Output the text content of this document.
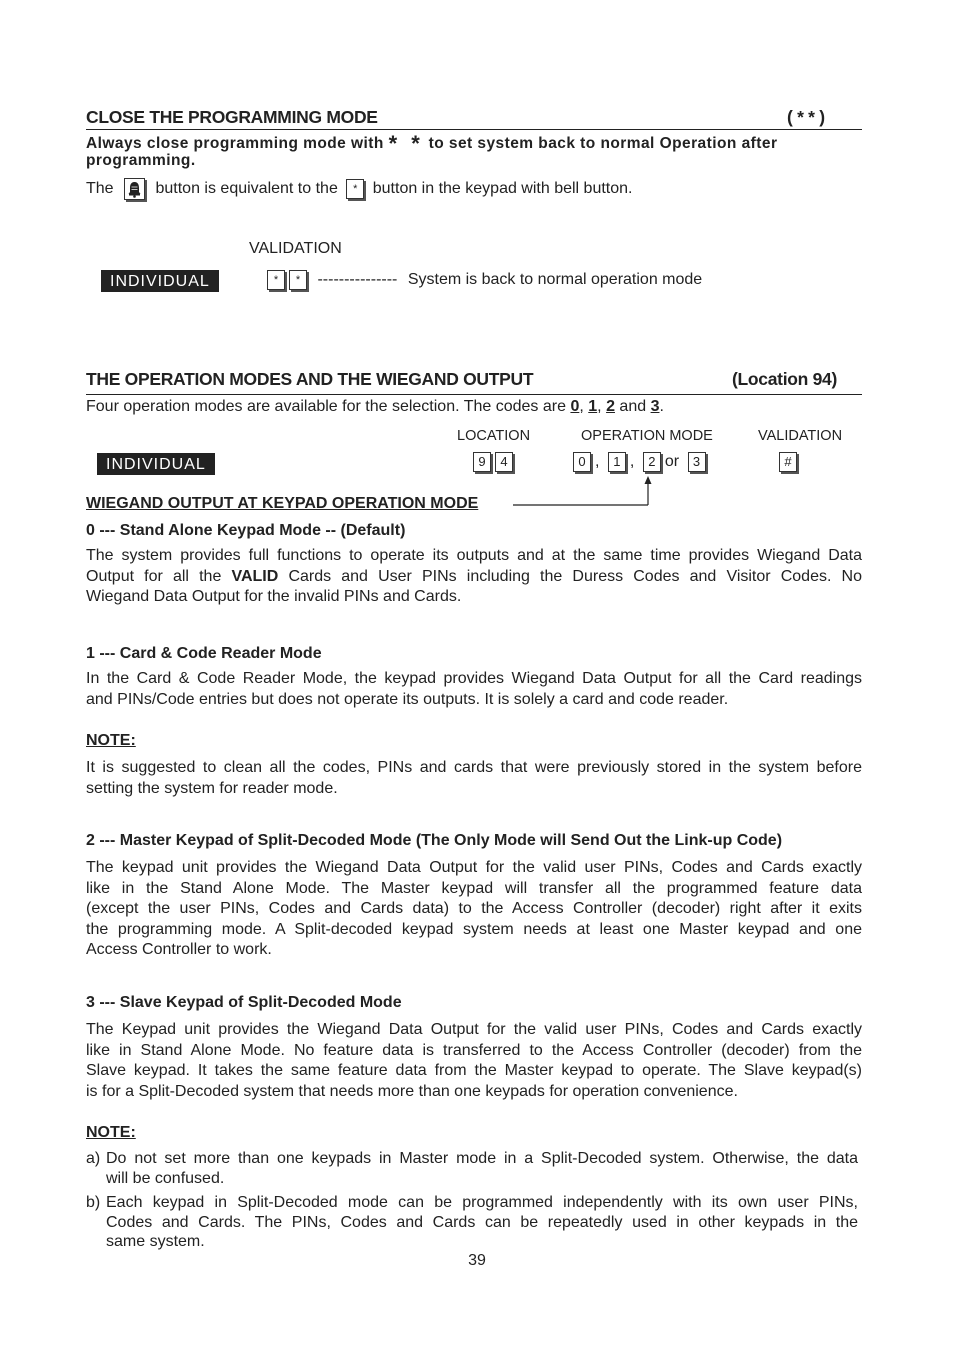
CLOSE THE PROGRAMMING MODE	( * * )
Always close programming mode with * * to set system back to normal Operation after
programming.
The	button is equivalent to the * button in the keypad with bell button.
VALIDATION
INDIVIDUAL	* * --------------- System is back to normal operation mode
THE OPERATION MODES AND THE WIEGAND OUTPUT	(Location 94)
Four operation modes are available for the selection. The codes are 0, 1, 2 and 3.
LOCATION	OPERATION MODE	VALIDATION
INDIVIDUAL	9 4	0 , 1 , 2 or 3	#
WIEGAND OUTPUT AT KEYPAD OPERATION MODE
0 --- Stand Alone Keypad Mode -- (Default)
The system provides full functions to operate its outputs and at the same time provides Wiegand Data
Output for all the VALID Cards and User PINs including the Duress Codes and Visitor Codes. No
Wiegand Data Output for the invalid PINs and Cards.
1 --- Card & Code Reader Mode
In the Card & Code Reader Mode, the keypad provides Wiegand Data Output for all the Card readings
and PINs/Code entries but does not operate its outputs. It is solely a card and code reader.
NOTE:
It is suggested to clean all the codes, PINs and cards that were previously stored in the system before
setting the system for reader mode.
2 --- Master Keypad of Split-Decoded Mode (The Only Mode will Send Out the Link-up Code)
The keypad unit provides the Wiegand Data Output for the valid user PINs, Codes and Cards exactly
like in the Stand Alone Mode. The Master keypad will transfer all the programmed feature data
(except the user PINs, Codes and Cards data) to the Access Controller (decoder) right after it exits
the programming mode. A Split-decoded keypad system needs at least one Master keypad and one
Access Controller to work.
3 --- Slave Keypad of Split-Decoded Mode
The Keypad unit provides the Wiegand Data Output for the valid user PINs, Codes and Cards exactly
like in Stand Alone Mode. No feature data is transferred to the Access Controller (decoder) from the
Slave keypad. It takes the same feature data from the Master keypad to operate. The Slave keypad(s)
is for a Split-Decoded system that needs more than one keypads for operation convenience.
NOTE:
a) Do not set more than one keypads in Master mode in a Split-Decoded system. Otherwise, the data
will be confused.
b) Each keypad in Split-Decoded mode can be programmed independently with its own user PINs,
Codes and Cards. The PINs, Codes and Cards can be repeatedly used in other keypads in the
same system.
39
